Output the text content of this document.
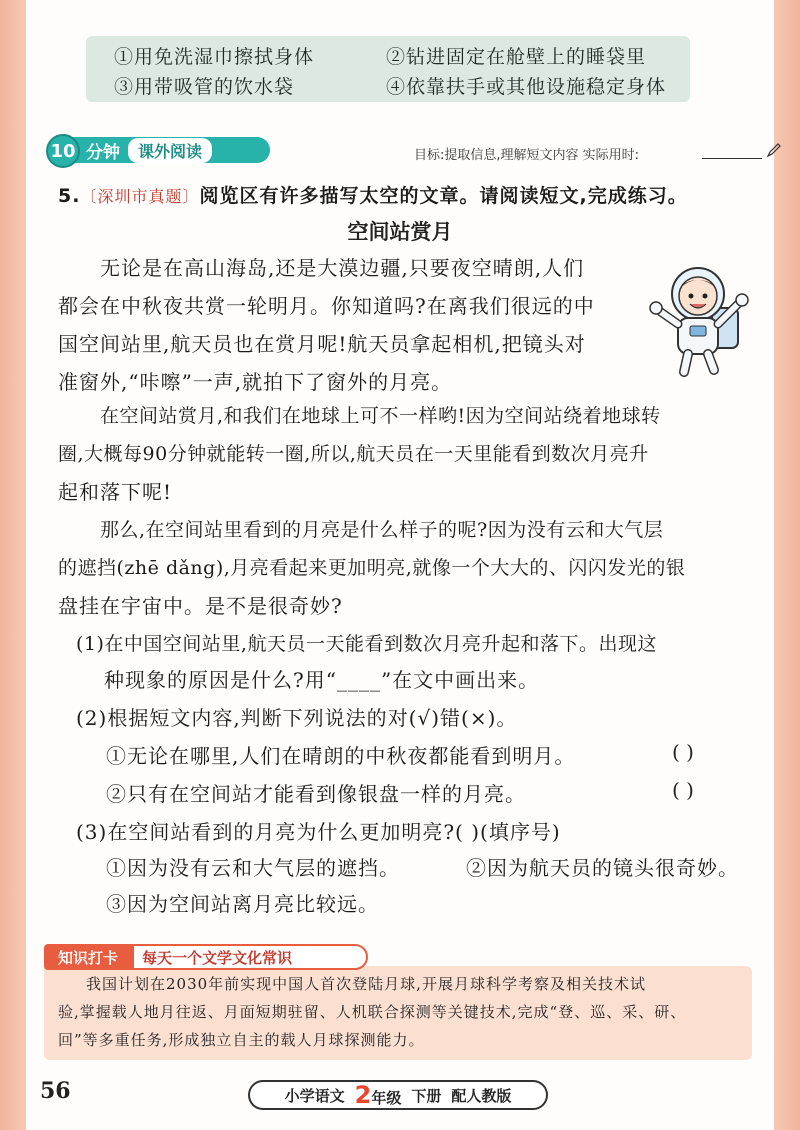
①用免洗湿巾擦拭身体	②钻进固定在舱壁上的睡袋里
③用带吸管的饮水袋	④依靠扶手或其他设施稳定身体
分钟	课外阅读
10	目标:提取信息,理解短文内容 实际用时:
5.〔深圳市真题〕阅览区有许多描写太空的文章。请阅读短文,完成练习。
空间站赏月
无论是在高山海岛,还是大漠边疆,只要夜空晴朗,人们
都会在中秋夜共赏一轮明月。你知道吗?在离我们很远的中
国空间站里,航天员也在赏月呢!航天员拿起相机,把镜头对
准窗外,“咔嚓”一声,就拍下了窗外的月亮。
在空间站赏月,和我们在地球上可不一样哟!因为空间站绕着地球转
圈,大概每90分钟就能转一圈,所以,航天员在一天里能看到数次月亮升
起和落下呢!
那么,在空间站里看到的月亮是什么样子的呢?因为没有云和大气层
的遮挡(zhē dǎng),月亮看起来更加明亮,就像一个大大的、闪闪发光的银
盘挂在宇宙中。是不是很奇妙?
(1)在中国空间站里,航天员一天能看到数次月亮升起和落下。出现这
种现象的原因是什么?用“____”在文中画出来。
(2)根据短文内容,判断下列说法的对(√)错(×)。
①无论在哪里,人们在晴朗的中秋夜都能看到明月。	( )
②只有在空间站才能看到像银盘一样的月亮。	( )
(3)在空间站看到的月亮为什么更加明亮?( )(填序号)
①因为没有云和大气层的遮挡。	②因为航天员的镜头很奇妙。
③因为空间站离月亮比较远。
知识打卡	每天一个文学文化常识
我国计划在2030年前实现中国人首次登陆月球,开展月球科学考察及相关技术试
验,掌握载人地月往返、月面短期驻留、人机联合探测等关键技术,完成“登、巡、采、研、
回”等多重任务,形成独立自主的载人月球探测能力。
56	小学语文 2年级 下册 配人教版
